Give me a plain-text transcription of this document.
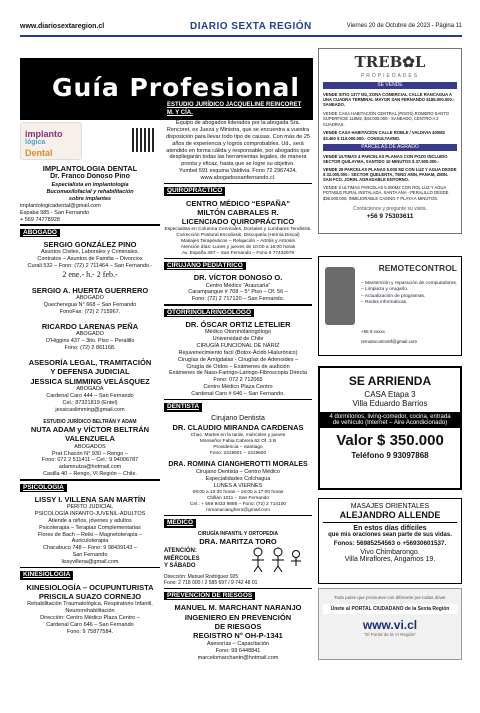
www.diariosextaregion.cl	DIARIO SEXTA REGIÓN	Viernes 20 de Octubre de 2023 - Página 11
Guía Profesional
implanto
lógica
Dental
IMPLANTOLOGIA DENTAL
Dr. Franco Donoso Pino
Especialista en implantología
Bucomaxilofacial y rehabilitación
sobre implantes
implantologicadental@gmail.com
Espaba 985 - San Fernando
+ 569 74778928
ABOGADO
SERGIO GONZÁLEZ PINO
Asuntos Civiles, Laborales y Criminales.
Contratos – Asuntos de Familia – Divorcios
Curali 532 – Fono: (72) 2 711464 – San Fernando.-
2 ene.- h.- 2 feb.-
SERGIO A. HUERTA GUERRERO
ABOGADO
Quecheregua N° 668 – San Fernando
FonoFax: (72) 2 715967.
RICARDO LARENAS PEÑA
ABOGADO
O'Higgins 437 – 3ito. Piso – Peralillo
Fono: (72) 2 861168.
ASESORÍA LEGAL, TRAMITACIÓN
Y DEFENSA JUDICIAL
JESSICA SLIMMING VELÁSQUEZ
ABOGADA
Cardenal Caro 444 – San Fernando
Cel.: 87321819 (Entel)
jessicaslimming@gmail.com
ESTUDIO JURÍDICO BELTRÁN Y ADAM
NUTA ADAM y VÍCTOR BELTRÁN
VALENZUELA
ABOGADOS
Prat Chacón N° 930 – Rengo –
Fono: 072 2 511411 – Cel.: 9 94006787
adamnutza@hotmail.com
Casilla 40 – Rengo, VI Región – Chile.
PSICOLOGÍA
LISSY I. VILLENA SAN MARTÍN
PERITO JUDICIAL
PSICOLOGÍA INFANTO-JUVENIL-ADULTOS
Atiende a niños, jóvenes y adultos
Psicoterapia – Terapias Complementarias
Flores de Bach – Reiki – Magnetoterapia –
Auriculoterapia
Chacabuco 748 – Fono: 9 98439143 –
San Fernando
lissyvillena@gmail.com
KINESIOLOGÍA
KINESIOLOGÍA – OCUPUNTURISTA
PRISCILA SUAZO CORNEJO
Rehabilitación Traumatológica, Respiratorio Infantil,
Neurorrehabilitación
Dirección: Centro Médico Plaza Centro –
Cardenal Caro 646 – San Fernando
Fono: 9 75877584.
ESTUDIO JURÍDICO JACQUELINE REINCORET M. Y CÍA.
Equipo de abogados liderados por la abogada Sra. Rencoret, ex Jueza y Ministra, que se encuentra a vuestra disposición para llevar todo tipo de causas. Con más de 25 años de experiencia y logros comprobables. Ud., será atendido en forma cálida y responsable, por abogados que despliegarán todas las herramientas legales, de manera pronta y eficaz, hasta que se logre su objetivo.
Yumbel 591 esquina Valdivia. Fono 72 2967424.
www.abogadossanfernando.cl.
QUIROPRÁCTICO
CENTRO MÉDICO “ESPAÑA”
MILTÓN CABRALES R.
LICENCIADO QUIROPRÁCTICO
Especialista en Columna Cervicales, Dorsales y Lumbares Tendinitis, Corrección Postural Escoliosis, Discopatía (Hernia Discal)
Masajes Terapéuticos – Relajación – Artritis y Artrosis
Atención días: Lunes y jueves de 10:00 a 16:00 horas
Av. España 487 – San Fernando – Fono 9 77432979
CIRUJANO PEDIÁTRICO
DR. VÍCTOR DONOSO O.
Centro Médico “Araucaria”
Carampangue # 708 – 5° Piso – Of. 56 –
Fono: (72) 2 717120 – San Fernando.
OTORRINOLARINGÓLOGO
DR. ÓSCAR ORTIZ LETELIER
Médico Otorrinolaringólogo
Universidad de Chile
CIRUGÍA FUNCIONAL DE NARIZ
Rejuvenecimiento facil (Botox-Ácido Hialurónico)
Cirugías de Amígdalas - Cirugías de Adenoides –
Cirugía de Oídos – Exámenes de audición
Exámenes de Naso-Faringo-Laringo-Fibroscopia Directa
Fono: 072 2 712065
Centro Médico Plaza Centro
Cardenal Caro # 646 – San Fernando.
DENTISTA
Cirujano Dentista
DR. CLAUDIO MIRANDA CARDENAS
Chac. Martes en la tarde, miércoles y jueves
Monseñor Fabia Cabrera 62 Of. 3 B
Providencia – Santiago
Fono: 2319601 – 2319600
DRA. ROMINA CIANGHEROTTI MORALES
Cirujano Dentista – Centro Médico
Especialidades Colchagua
LUNES A VIERNES
09:00 a 13:30 horas – 16:00 a 17:00 horas
Chillán 1011 – San Fernando
Cel.: + 569 9433 9888 – Fono: (72) 2 714100
romanacianghero@gmail.com
MÉDICO
CIRUGÍA INFANTIL Y ORTOPEDIA
DRA. MARITZA TORO
ATENCIÓN:
MIÉRCOLES
Y SÁBADO
Dirección: Manuel Rodríguez 925
Fono: 2 718 000 / 2 585 697 / 9 742 48 01
PREVENCIÓN DE RIESGOS
MANUEL M. MARCHANT NARANJO
INGENIERO EN PREVENCIÓN
DE RIESGOS
REGISTRO N° OH-P-1341
Asesorías – Capacitación
Fono: 99 6448841
marcelomarchantn@hotmail.com
TREB✿L
PROPIEDADES
SE VENDE
VENDE SITIO 1377 M2, ZONA COMERCIAL CALLE RANCAGUA A UNA CUADRA TERMINAL MAYOR SAN FERNANDO $185.000.000.- SANEADO.
VENDE CASA HABITACIÓN CENTRAL (PISOS) ROMERO SANTO SUPERFICIE 118M2, $44.000.000.- SANEADO, CENTRO A 2 CUADRAS.
VENDE CASA HABITACIÓN CALLE ROBLE / VALDIVIA 400M2 $3.450 $ 110.000.000.- CONSULTAVMO.
PARCELAS DE AGRADO
VENDE ULTIMAS 4 PARCELAS PLANAS CON POZO INCLUIDO SECTOR QUILAYMA, SANTIDO 10 MINUTOS $ 37.500.000.-
VENDE 29 PARCELAS PLANAS 5.000 M2 CON LUZ Y AGUA DESDE $ 32.000.000.- SECTOR QUELENTA, TENO AMN, PANAM, ZMIN. SAN FCO. JORIN. AGRADABLE ENTORNO.
VENDE 5 ULTIMAS PARCELAS 5.000M2 CON ROL LUZ Y AGUA POTABLE RURAL INSTALADA, SANTA ANA - PERALILLO DESDE $36.000.000, INMEJORABLE CASINO Y PLAYA A MINUTOS.
Contáctenos y pregunte su visita.
+56 9 75303611
REMOTECONTROL
– Mantención y reparación de computadores.
– Limpieza y orugarlo.
– Actualización de programas.
– Redes informáticas.
+56 9 xxxxx
remotecontrolsf@gmail.com
SE ARRIENDA
CASA Etapa 3
Villa Eduardo Barrios
4 dormitorios, living-comedor, cocina, entrada de vehículo (Internet – Aire Acondicionado)
Valor $ 350.000
Teléfono 9 93097868
MASAJES ORIENTALES
ALEJANDRO ALLENDE
En estos días difíciles
que mis oraciones sean parte de sus vidas.
Fonos: 56985254563 o +56930601537.
Vivo Chimbarongo.
Villa Miraflores, Angamos 19.
Todo pulse que promueve con diferente por todas driver
Únete al PORTAL CIUDADANO de la Sexta Región
www.vi.cl
"El Portal de la VI Región"
